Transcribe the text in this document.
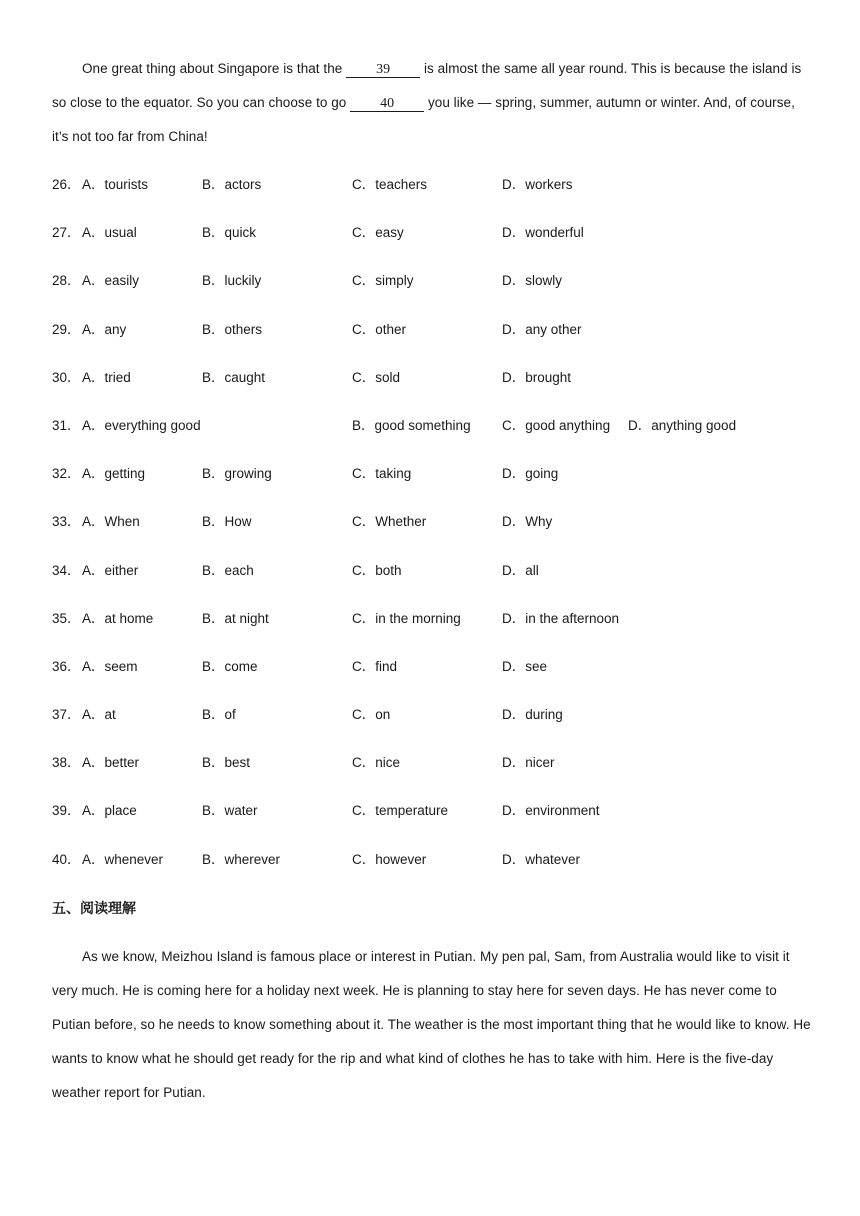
One great thing about Singapore is that the 39 is almost the same all year round. This is because the island is so close to the equator. So you can choose to go 40 you like — spring, summer, autumn or winter. And, of course, it’s not too far from China!

26． A．tourists	B．actors	C．teachers	D．workers
27． A．usual	B．quick	C．easy	D．wonderful
28． A．easily	B．luckily	C．simply	D．slowly
29． A．any	B．others	C．other	D．any other
30． A．tried	B．caught	C．sold	D．brought
31． A．everything good	B．good something C．good anything D．anything good
32． A．getting	B．growing	C．taking	D．going
33． A．When	B．How	C．Whether	D．Why
34． A．either	B．each	C．both	D．all
35． A．at home	B．at night	C．in the morning	D．in the afternoon
36． A．seem	B．come	C．find	D．see
37． A．at	B．of	C．on	D．during
38． A．better	B．best	C．nice	D．nicer
39． A．place	B．water	C．temperature	D．environment
40． A．whenever	B．wherever	C．however	D．whatever
五、阅读理解

As we know, Meizhou Island is famous place or interest in Putian. My pen pal, Sam, from Australia would like to visit it very much. He is coming here for a holiday next week. He is planning to stay here for seven days. He has never come to Putian before, so he needs to know something about it. The weather is the most important thing that he would like to know. He wants to know what he should get ready for the rip and what kind of clothes he has to take with him. Here is the five-day weather report for Putian.
